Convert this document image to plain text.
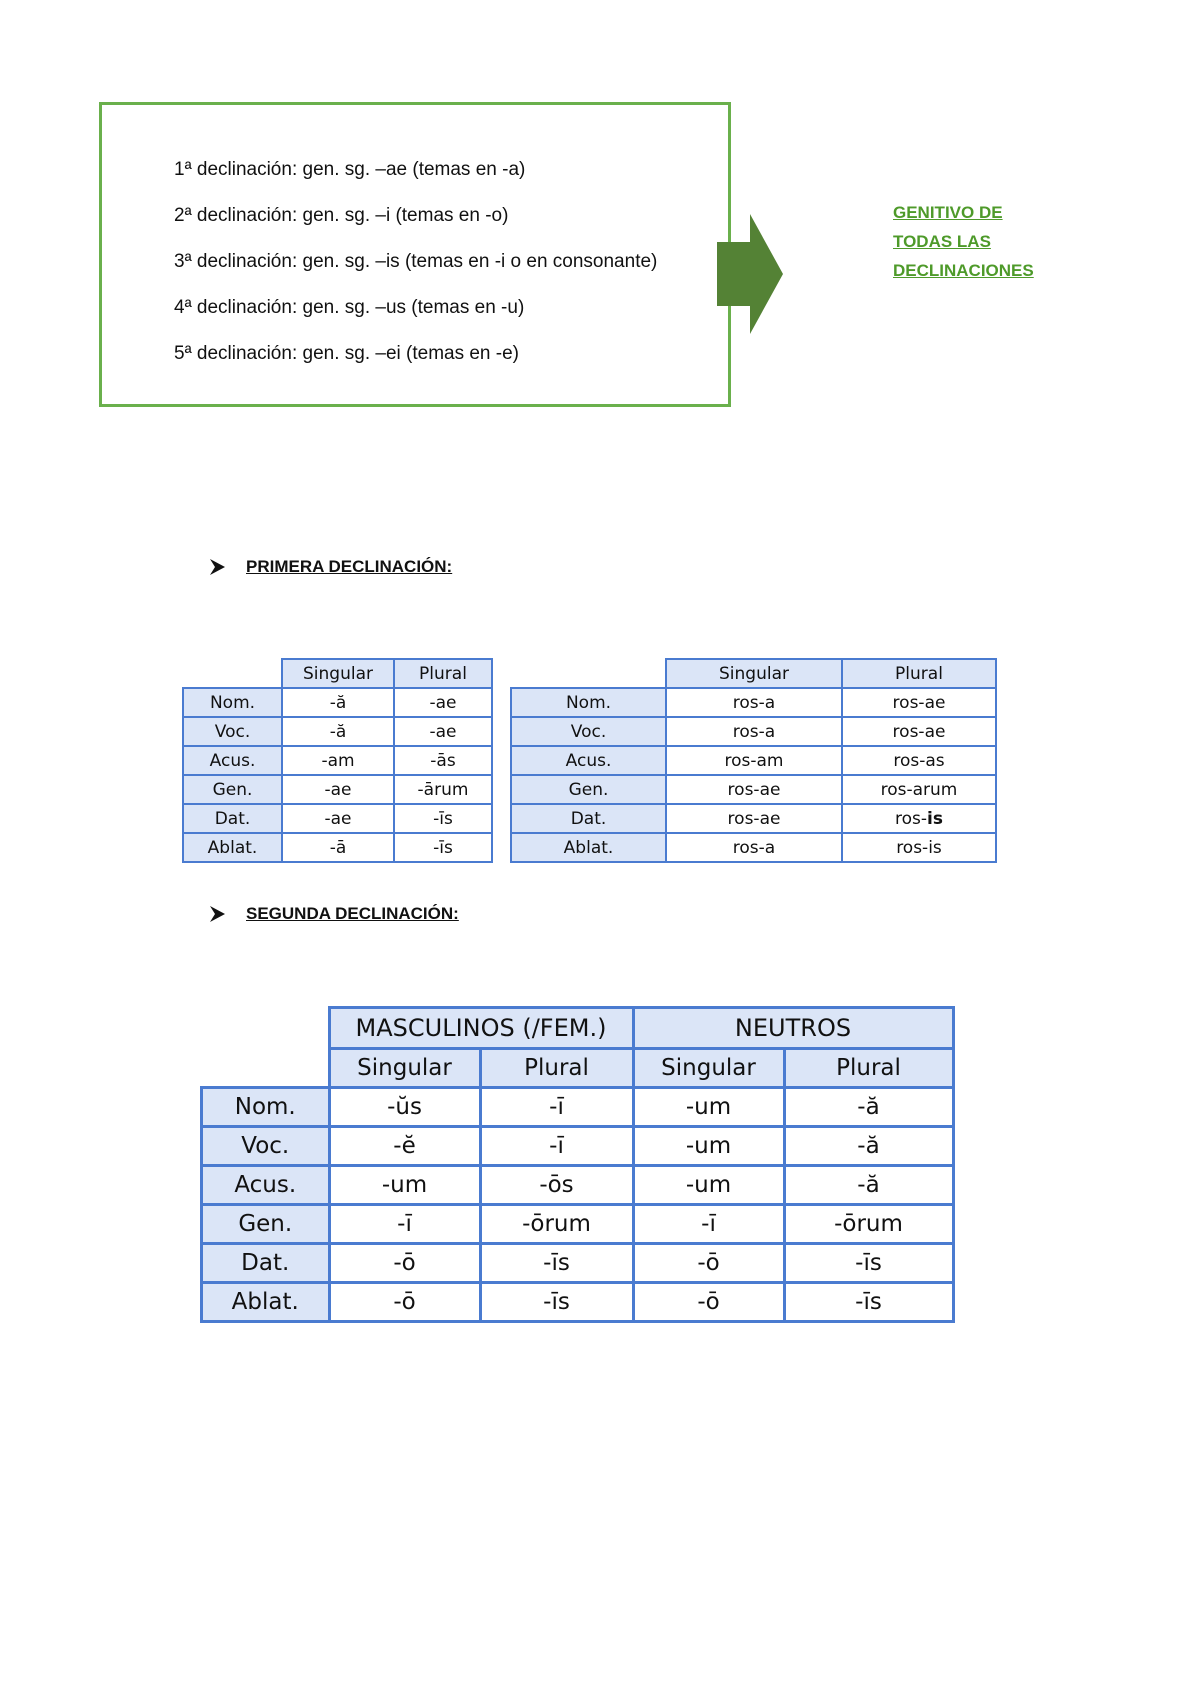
1ª declinación: gen. sg. –ae (temas en -a)
2ª declinación: gen. sg. –i (temas en -o)
3ª declinación: gen. sg. –is (temas en -i o en consonante)
4ª declinación: gen. sg. –us (temas en -u)
5ª declinación: gen. sg. –ei (temas en -e)
GENITIVO DE
TODAS LAS
DECLINACIONES
PRIMERA DECLINACIÓN:
	Singular	Plural
Nom.	-ă	-ae
Voc.	-ă	-ae
Acus.	-am	-ās
Gen.	-ae	-ārum
Dat.	-ae	-īs
Ablat.	-ā	-īs
	Singular	Plural
Nom.	ros-a	ros-ae
Voc.	ros-a	ros-ae
Acus.	ros-am	ros-as
Gen.	ros-ae	ros-arum
Dat.	ros-ae	ros-is
Ablat.	ros-a	ros-is
SEGUNDA DECLINACIÓN:
	MASCULINOS (/FEM.)		NEUTROS	
	Singular	Plural	Singular	Plural
Nom.	-ŭs	-ī	-um	-ă
Voc.	-ĕ	-ī	-um	-ă
Acus.	-um	-ōs	-um	-ă
Gen.	-ī	-ōrum	-ī	-ōrum
Dat.	-ō	-īs	-ō	-īs
Ablat.	-ō	-īs	-ō	-īs
